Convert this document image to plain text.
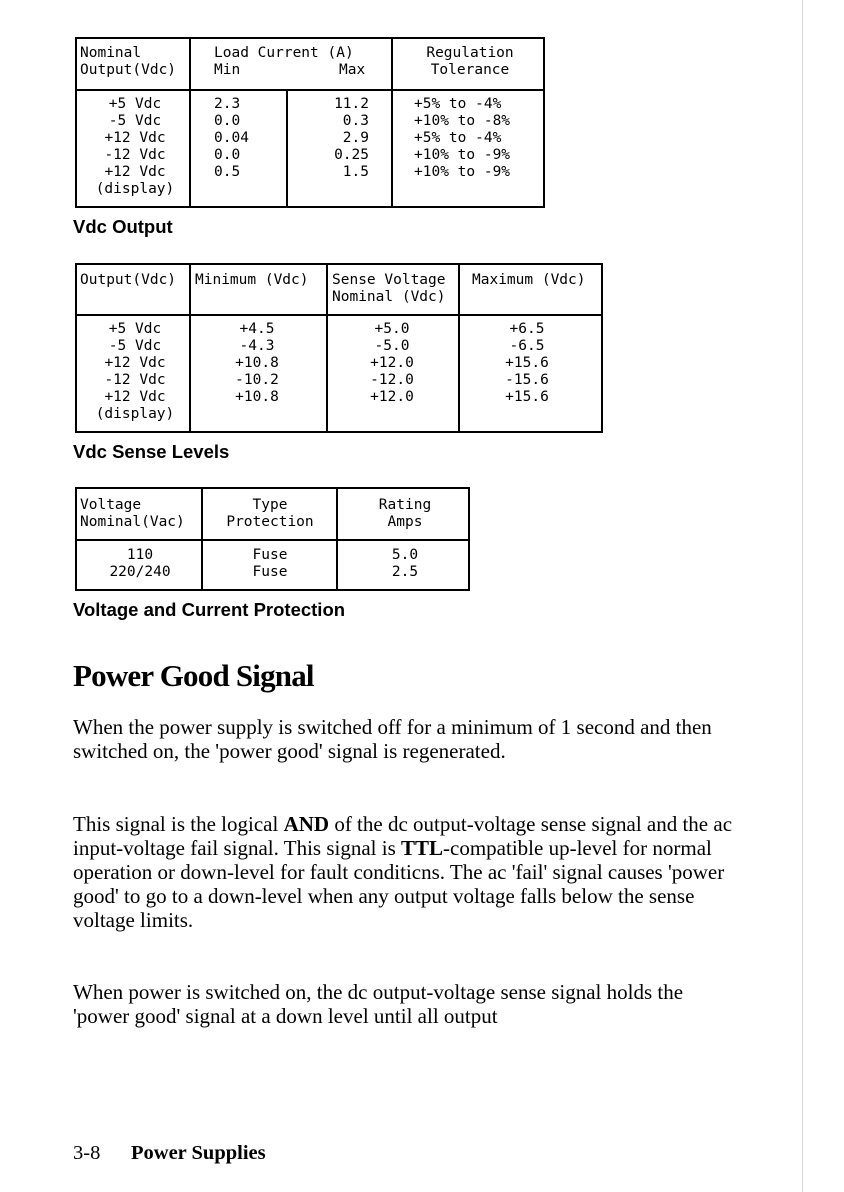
Nominal
Output(Vdc)
Load Current (A)
Min	Max
Regulation
Tolerance
+5 Vdc
-5 Vdc
+12 Vdc
-12 Vdc
+12 Vdc
(display)
2.3
0.0
0.04
0.0
0.5
11.2
0.3
2.9
0.25
1.5
+5% to -4%
+10% to -8%
+5% to -4%
+10% to -9%
+10% to -9%
Vdc Output
Output(Vdc) Minimum (Vdc) Sense Voltage
Nominal (Vdc)
Maximum (Vdc)
+5 Vdc
-5 Vdc
+12 Vdc
-12 Vdc
+12 Vdc
(display)
+4.5
-4.3
+10.8
-10.2
+10.8
+5.0
-5.0
+12.0
-12.0
+12.0
+6.5
-6.5
+15.6
-15.6
+15.6
Vdc Sense Levels
Voltage
Nominal(Vac)
Type
Protection
Rating
Amps
110
220/240
Fuse
Fuse
5.0
2.5
Voltage and Current Protection
Power Good Signal

When the power supply is switched off for a minimum of 1 second and then switched on, the 'power good' signal is regenerated.

This signal is the logical AND of the dc output-voltage sense signal and the ac input-voltage fail signal. This signal is TTL-compatible up-level for normal operation or down-level for fault conditicns. The ac 'fail' signal causes 'power good' to go to a down-level when any output voltage falls below the sense voltage limits.

When power is switched on, the dc output-voltage sense signal holds the 'power good' signal at a down level until all output

3-8 Power Supplies
